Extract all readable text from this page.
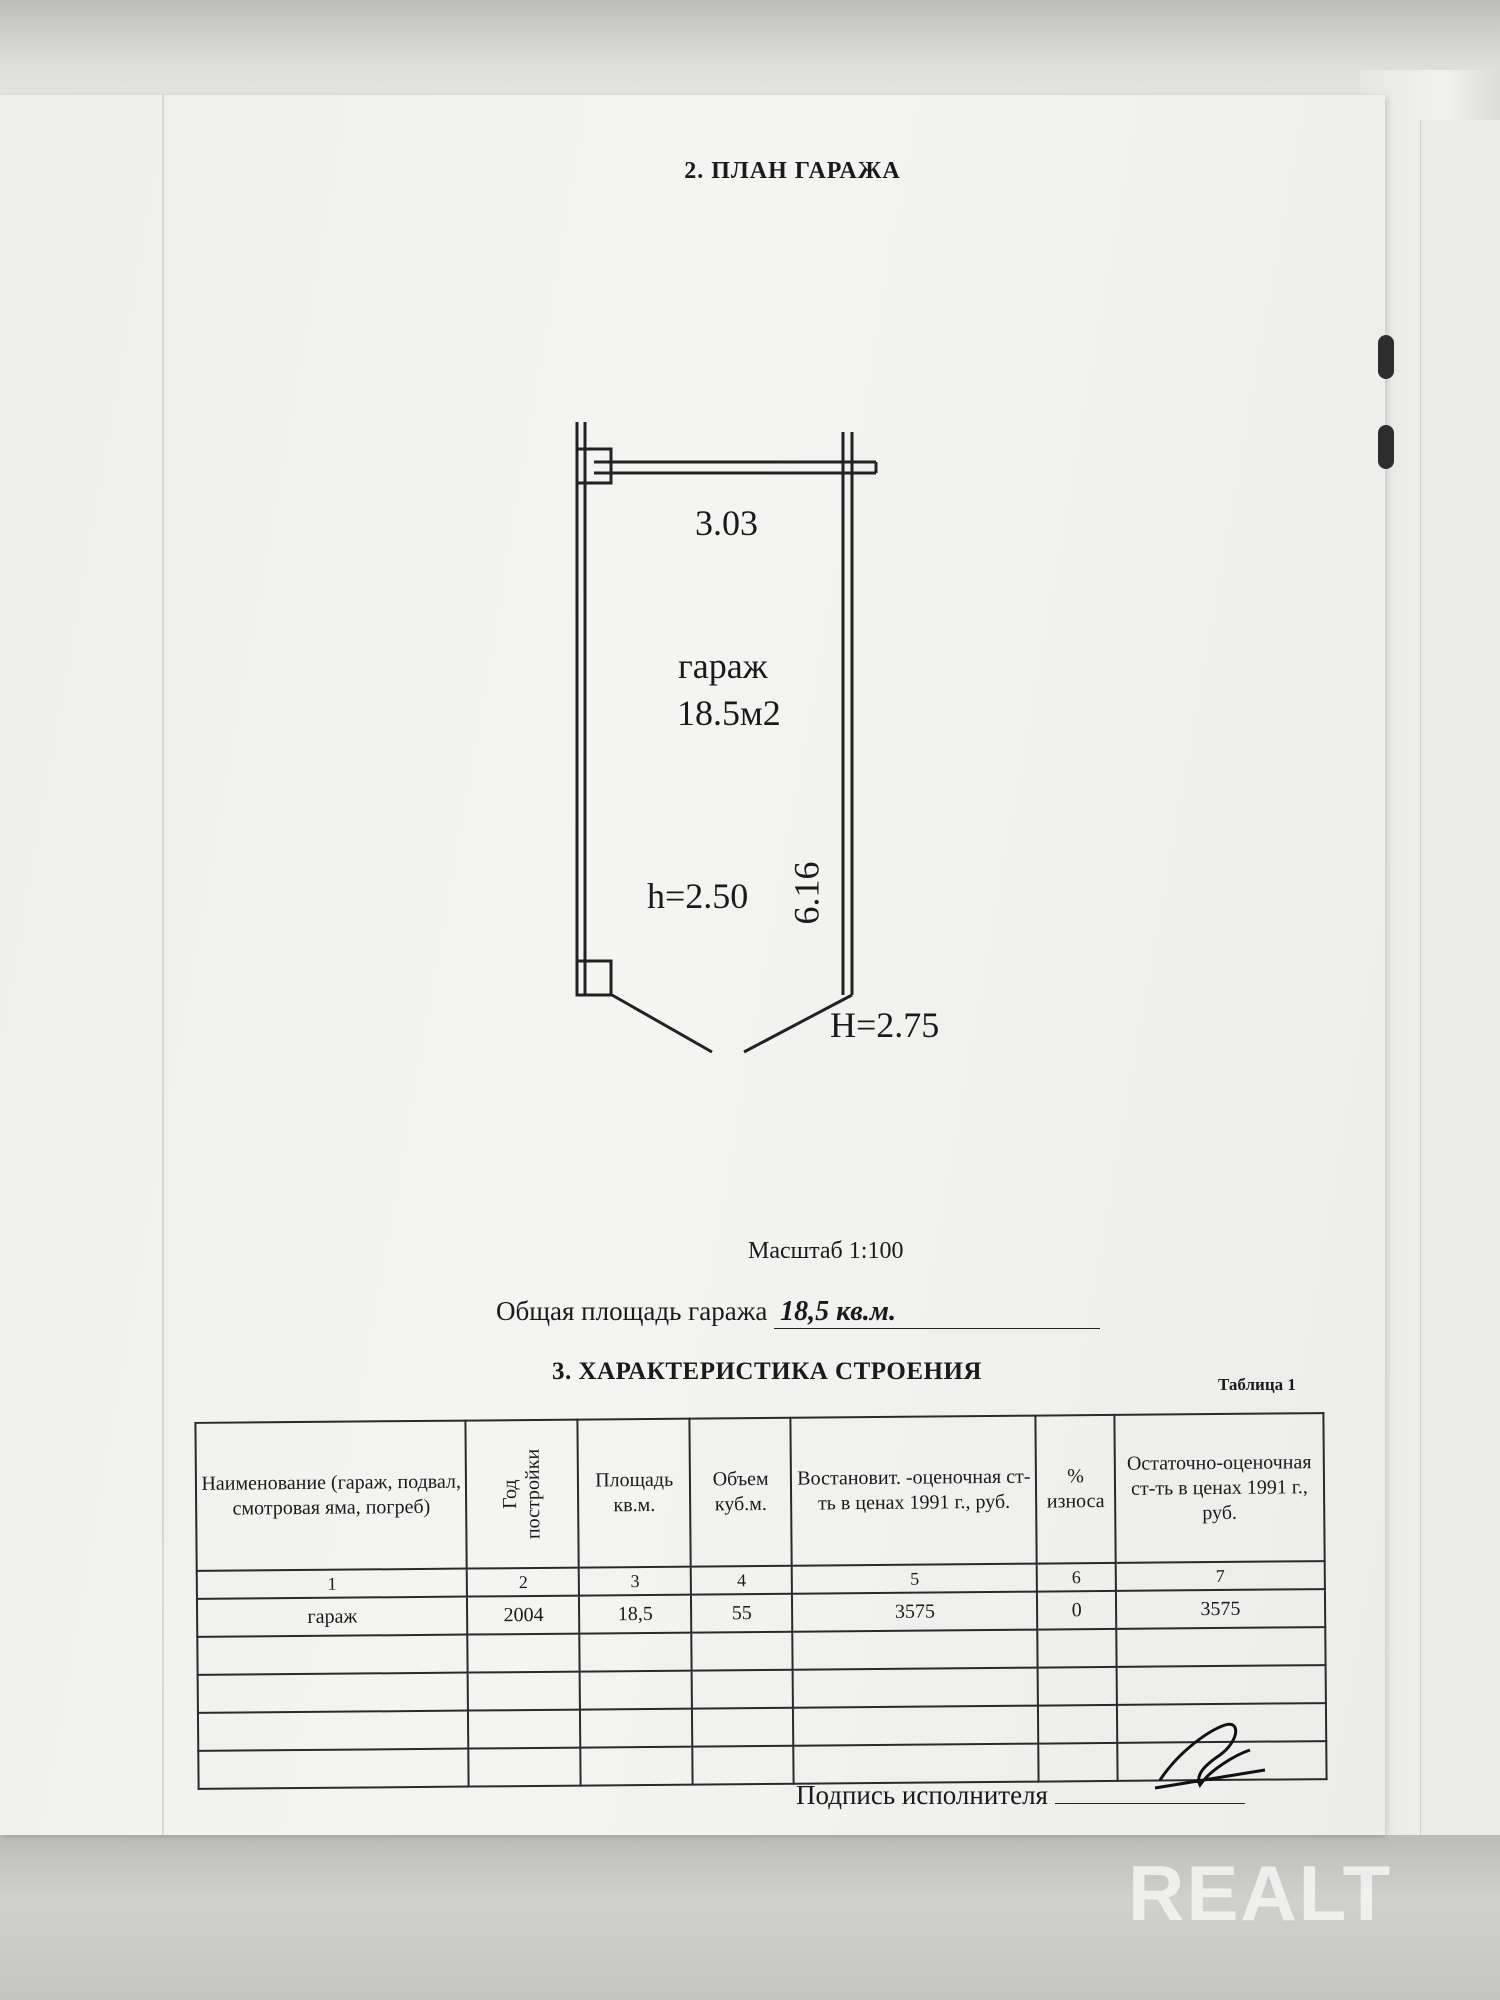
2. ПЛАН ГАРАЖА
3.03
гараж
18.5м2
h=2.50 6.16
H=2.75
Масштаб 1:100
Общая площадь гаража 18,5 кв.м.
3. ХАРАКТЕРИСТИКА СТРОЕНИЯ	Таблица 1
Наименование (гараж, подвал, смотровая яма, погреб)	Год постройки	Площадь кв.м.	Объем куб.м.	Востановит. -оценочная ст-ть в ценах 1991 г., руб.	% износа	Остаточно-оценочная ст-ть в ценах 1991 г., руб.
1	2	3	4	5	6	7
гараж	2004	18,5	55	3575	0	3575

Подпись исполнителя
REALT
